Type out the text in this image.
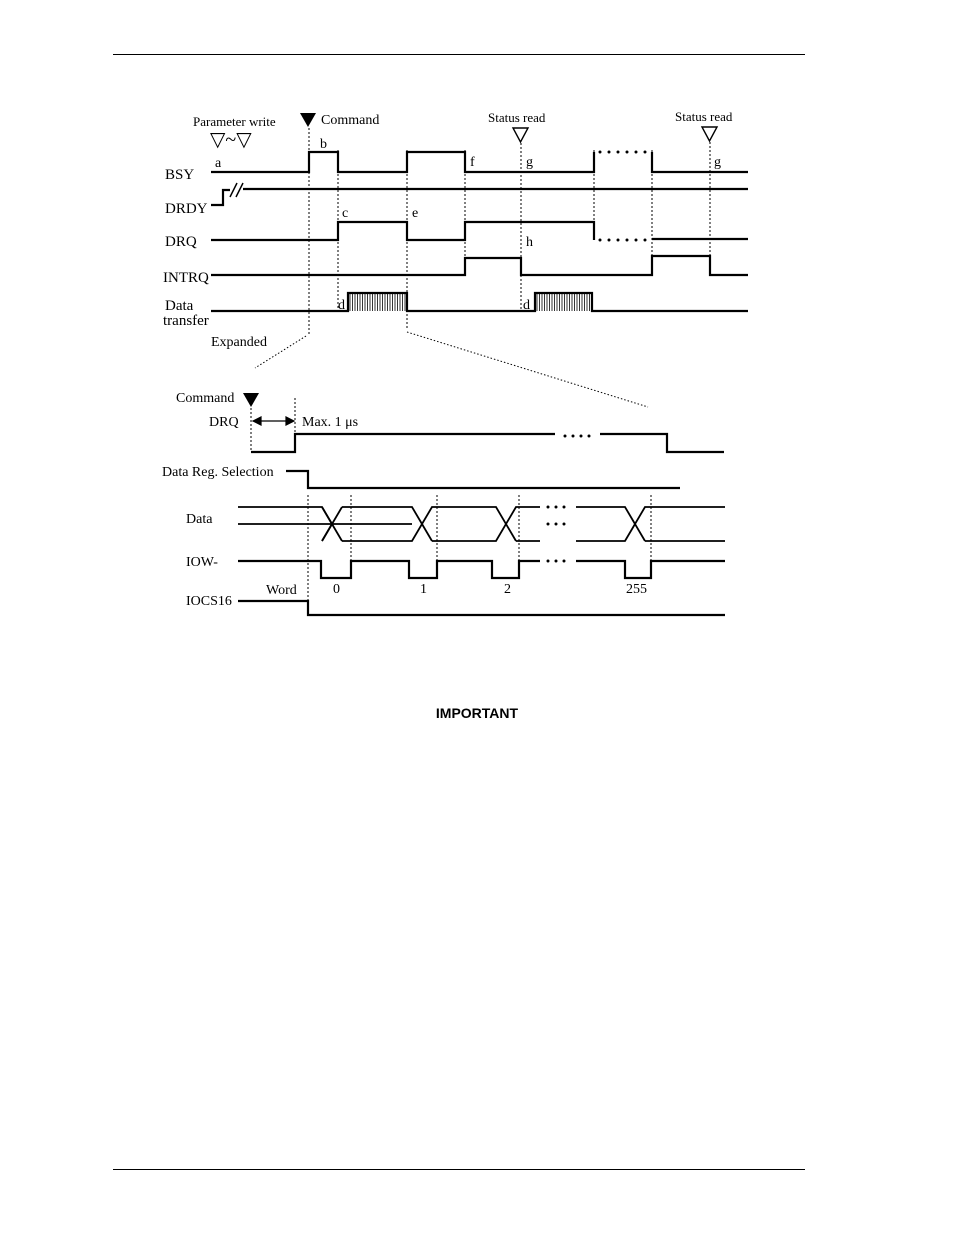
Parameter write
▽~▽
Command	Status read	Status read
BSY
DRDY
DRQ
INTRQ
Data
transfer
a
b
c
d
e
f	g
h
d
g
Expanded
Command
DRQ	Max. 1 μs
Data Reg. Selection
Data
IOW-
IOCS16
Word	0	1	2	255
IMPORTANT
